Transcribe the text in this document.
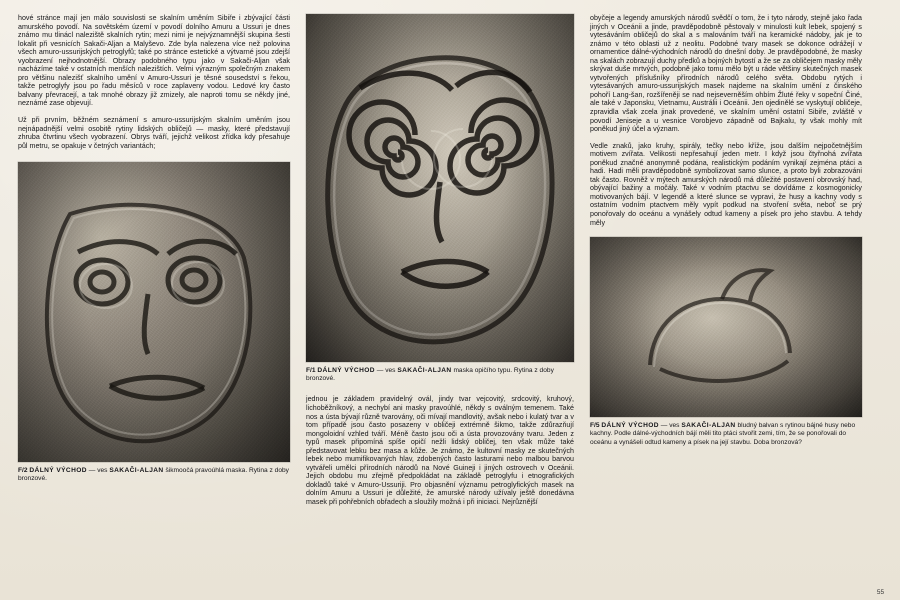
hové stránce mají jen málo souvislosti se skalním uměním Sibiře i zbývající části amurského povodí. Na sovětském území v povodí dolního Amuru a Ussuri je dnes známo mu tlinácl naleziště skalních rytin; mezi nimi je nejvýznamnější skupina šesti lokalit při vesnicích Sakači-Aljan a Malyševo. Zde byla nalezena více než polovina všech amuro-ussurijských petroglyfů; také po stránce estetické a výtvarné jsou zdejší vyobrazení nejhodnotnější. Obrazy podobného typu jako v Sakači-Aljan však nacházíme také v ostatních menších nalezištích. Velmi výrazným společným znakem pro většinu nalezišť skalního umění v Amuro-Ussuri je těsné sousedství s řekou, takže petroglyfy jsou po řadu měsíců v roce zaplaveny vodou. Ledové kry často balvany převracejí, a tak mnohé obrazy již zmizely, ale naproti tomu se někdy jiné, neznámé zase objevují.

Už při prvním, běžném seznámení s amuro-ussurijským skalním uměním jsou nejnápadnější velmi osobitě rytiny lidských obličejů — masky, které představují zhruba čtvrtinu všech vyobrazení. Obrys tváří, jejichž velikost zřídka kdy přesahuje půl metru, se opakuje v četných variantách;

F/2 DÁLNÝ VÝCHOD — ves SAKAČI-ALJAN šikmoočá pravoúhlá maska. Rytina z doby bronzové.
F/1 DÁLNÝ VÝCHOD — ves SAKAČI-ALJAN maska opičího typu. Rytina z doby bronzové.

jednou je základem pravidelný ovál, jindy tvar vejcovitý, srdcovitý, kruhový, lichoběžníkový, a nechybí ani masky pravoúhlé, někdy s oválným temenem. Také nos a ústa bývají různě tvarovány, oči mívají mandlovitý, avšak nebo i kulatý tvar a v tom případě jsou často posazeny v obličeji extrémně šikmo, takže zdůrazňují mongoloidní vzhled tváří. Méně často jsou oči a ústa provozovány tvaru. Jeden z typů masek připomíná spíše opičí nežli lidský obličej, ten však může také představovat lebku bez masa a kůže. Je známo, že kultovní masky ze skutečných lebek nebo mumifikovaných hlav, zdobených často lasturami nebo malbou barvou vytvářeli umělci přírodních národů na Nové Guineji i jiných ostrovech v Oceánii. Jejich obdobu mu zřejmě předpokládat na základě petroglyfu i etnografických dokladů také v Amuro-Ussuriji. Pro objasnění významu petroglyfických masek na dolním Amuru a Ussuri je důležité, že amurské národy užívaly ještě donedávna masek při pohřebních obřadech a sloužily možná i při iniciaci. Nejrůznější

obyčeje a legendy amurských národů svědčí o tom, že i tyto národy, stejně jako řada jiných v Oceánii a jinde, pravděpodobně pěstovaly v minulosti kult lebek, spojený s vytesáváním obličejů do skal a s malováním tváří na keramické nádoby, jak je to známo v této oblasti už z neolitu. Podobné tvary masek se dokonce odrážejí v ornamentice dálné-východních národů do dnešní doby. Je pravděpodobné, že masky na skalách zobrazují duchy předků a bojných bytostí a že se za obličejem masky měly skrývat duše mrtvých, podobně jako tomu mělo být u ráde většiny skutečných masek vytvořených příslušníky přírodních národů celého světa. Obdobu rytých i vytesávaných amuro-ussurijských masek najdeme na skalním umění z činského pohoří Lang-šan, rozšířeněji se nad nejseverněším ohbím Žluté řeky v sopeční Činé, ale také v Japonsku, Vietnamu, Austrálii i Oceánii. Jen ojedinělé se vyskytují obličeje, zpravidla však zcela jinak provedené, ve skalním umění ostatní Sibiře, zvláště v povodí Jeniseje a u vesnice Vorobjevo západně od Bajkalu, ty však mohly mít poněkud jiný účel a význam.

Vedle znaků, jako kruhy, spirály, tečky nebo kříže, jsou dalším nejpočetnějším motivem zvířata. Velikosti nepřesahují jeden metr. I když jsou čtyřnohá zvířata poněkud značné anonymně podána, realistickým podáním vynikají zejména ptáci a hadi. Hadi měli pravděpodobně symbolizovat samo slunce, a proto byli zobrazováni tak často. Rovněž v mýtech amurských národů má důležité postavení obrovský had, obývající bažiny a močály. Také v vodním ptactvu se dovídáme z kosmogonicky motivovaných bájí. V legendě a které slunce se vypravi, že husy a kachny vody s ostatním vodním ptactvem měly vypít podkud na stvoření světa, neboť se prý ponořovaly do oceánu a vynášely odtud kameny a písek pro jeho stavbu. A tehdy měly

F/5 DÁLNÝ VÝCHOD — ves SAKAČI-ALJAN bludný balvan s rytinou bájné husy nebo kachny. Podle dálné-východních bájí měli tito ptáci stvořit zemi, tím, že se ponořovali do oceánu a vynášeli odtud kameny a písek na její stavbu. Doba bronzová?
55
